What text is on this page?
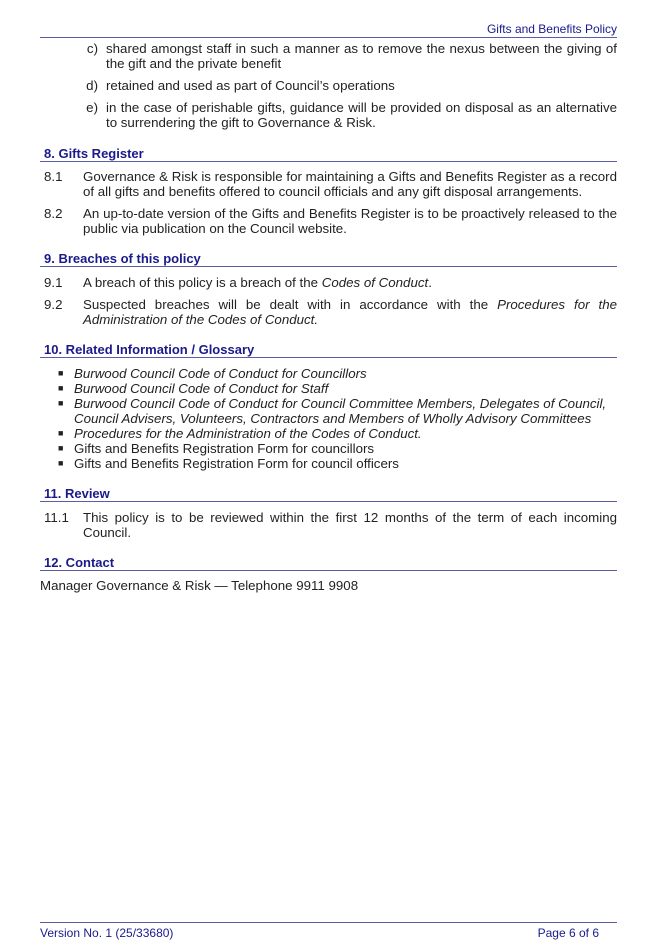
Gifts and Benefits Policy
c) shared amongst staff in such a manner as to remove the nexus between the giving of the gift and the private benefit
d) retained and used as part of Council’s operations
e) in the case of perishable gifts, guidance will be provided on disposal as an alternative to surrendering the gift to Governance & Risk.
8. Gifts Register
8.1	Governance & Risk is responsible for maintaining a Gifts and Benefits Register as a record of all gifts and benefits offered to council officials and any gift disposal arrangements.
8.2	An up-to-date version of the Gifts and Benefits Register is to be proactively released to the public via publication on the Council website.
9. Breaches of this policy
9.1	A breach of this policy is a breach of the Codes of Conduct.
9.2	Suspected breaches will be dealt with in accordance with the Procedures for the Administration of the Codes of Conduct.
10. Related Information / Glossary
■ Burwood Council Code of Conduct for Councillors
■ Burwood Council Code of Conduct for Staff
■ Burwood Council Code of Conduct for Council Committee Members, Delegates of Council, Council Advisers, Volunteers, Contractors and Members of Wholly Advisory Committees
■ Procedures for the Administration of the Codes of Conduct.
■ Gifts and Benefits Registration Form for councillors
■ Gifts and Benefits Registration Form for council officers
11. Review
11.1	This policy is to be reviewed within the first 12 months of the term of each incoming Council.
12. Contact
Manager Governance & Risk — Telephone 9911 9908
Version No. 1 (25/33680)	Page 6 of 6
